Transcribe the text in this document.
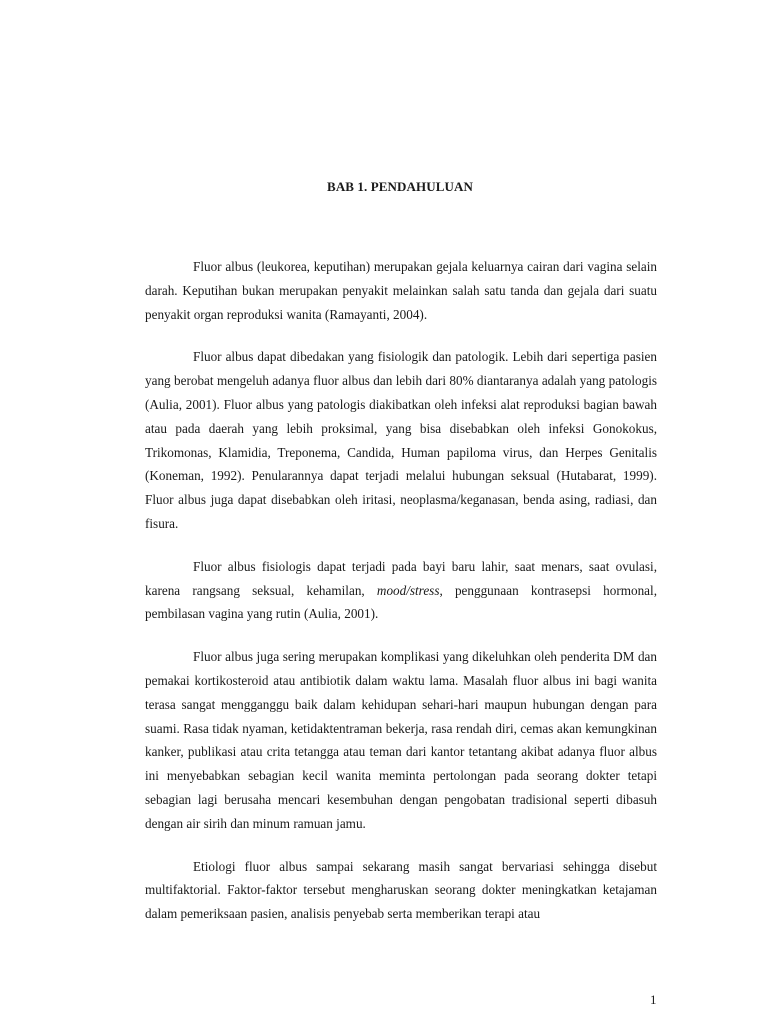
BAB 1. PENDAHULUAN

Fluor albus (leukorea, keputihan) merupakan gejala keluarnya cairan dari vagina selain darah. Keputihan bukan merupakan penyakit melainkan salah satu tanda dan gejala dari suatu penyakit organ reproduksi wanita (Ramayanti, 2004).

Fluor albus dapat dibedakan yang fisiologik dan patologik. Lebih dari sepertiga pasien yang berobat mengeluh adanya fluor albus dan lebih dari 80% diantaranya adalah yang patologis (Aulia, 2001). Fluor albus yang patologis diakibatkan oleh infeksi alat reproduksi bagian bawah atau pada daerah yang lebih proksimal, yang bisa disebabkan oleh infeksi Gonokokus, Trikomonas, Klamidia, Treponema, Candida, Human papiloma virus, dan Herpes Genitalis (Koneman, 1992). Penularannya dapat terjadi melalui hubungan seksual (Hutabarat, 1999). Fluor albus juga dapat disebabkan oleh iritasi, neoplasma/keganasan, benda asing, radiasi, dan fisura.

Fluor albus fisiologis dapat terjadi pada bayi baru lahir, saat menars, saat ovulasi, karena rangsang seksual, kehamilan, mood/stress, penggunaan kontrasepsi hormonal, pembilasan vagina yang rutin (Aulia, 2001).

Fluor albus juga sering merupakan komplikasi yang dikeluhkan oleh penderita DM dan pemakai kortikosteroid atau antibiotik dalam waktu lama. Masalah fluor albus ini bagi wanita terasa sangat mengganggu baik dalam kehidupan sehari-hari maupun hubungan dengan para suami. Rasa tidak nyaman, ketidaktentraman bekerja, rasa rendah diri, cemas akan kemungkinan kanker, publikasi atau crita tetangga atau teman dari kantor tetantang akibat adanya fluor albus ini menyebabkan sebagian kecil wanita meminta pertolongan pada seorang dokter tetapi sebagian lagi berusaha mencari kesembuhan dengan pengobatan tradisional seperti dibasuh dengan air sirih dan minum ramuan jamu.

Etiologi fluor albus sampai sekarang masih sangat bervariasi sehingga disebut multifaktorial. Faktor-faktor tersebut mengharuskan seorang dokter meningkatkan ketajaman dalam pemeriksaan pasien, analisis penyebab serta memberikan terapi atau

1
